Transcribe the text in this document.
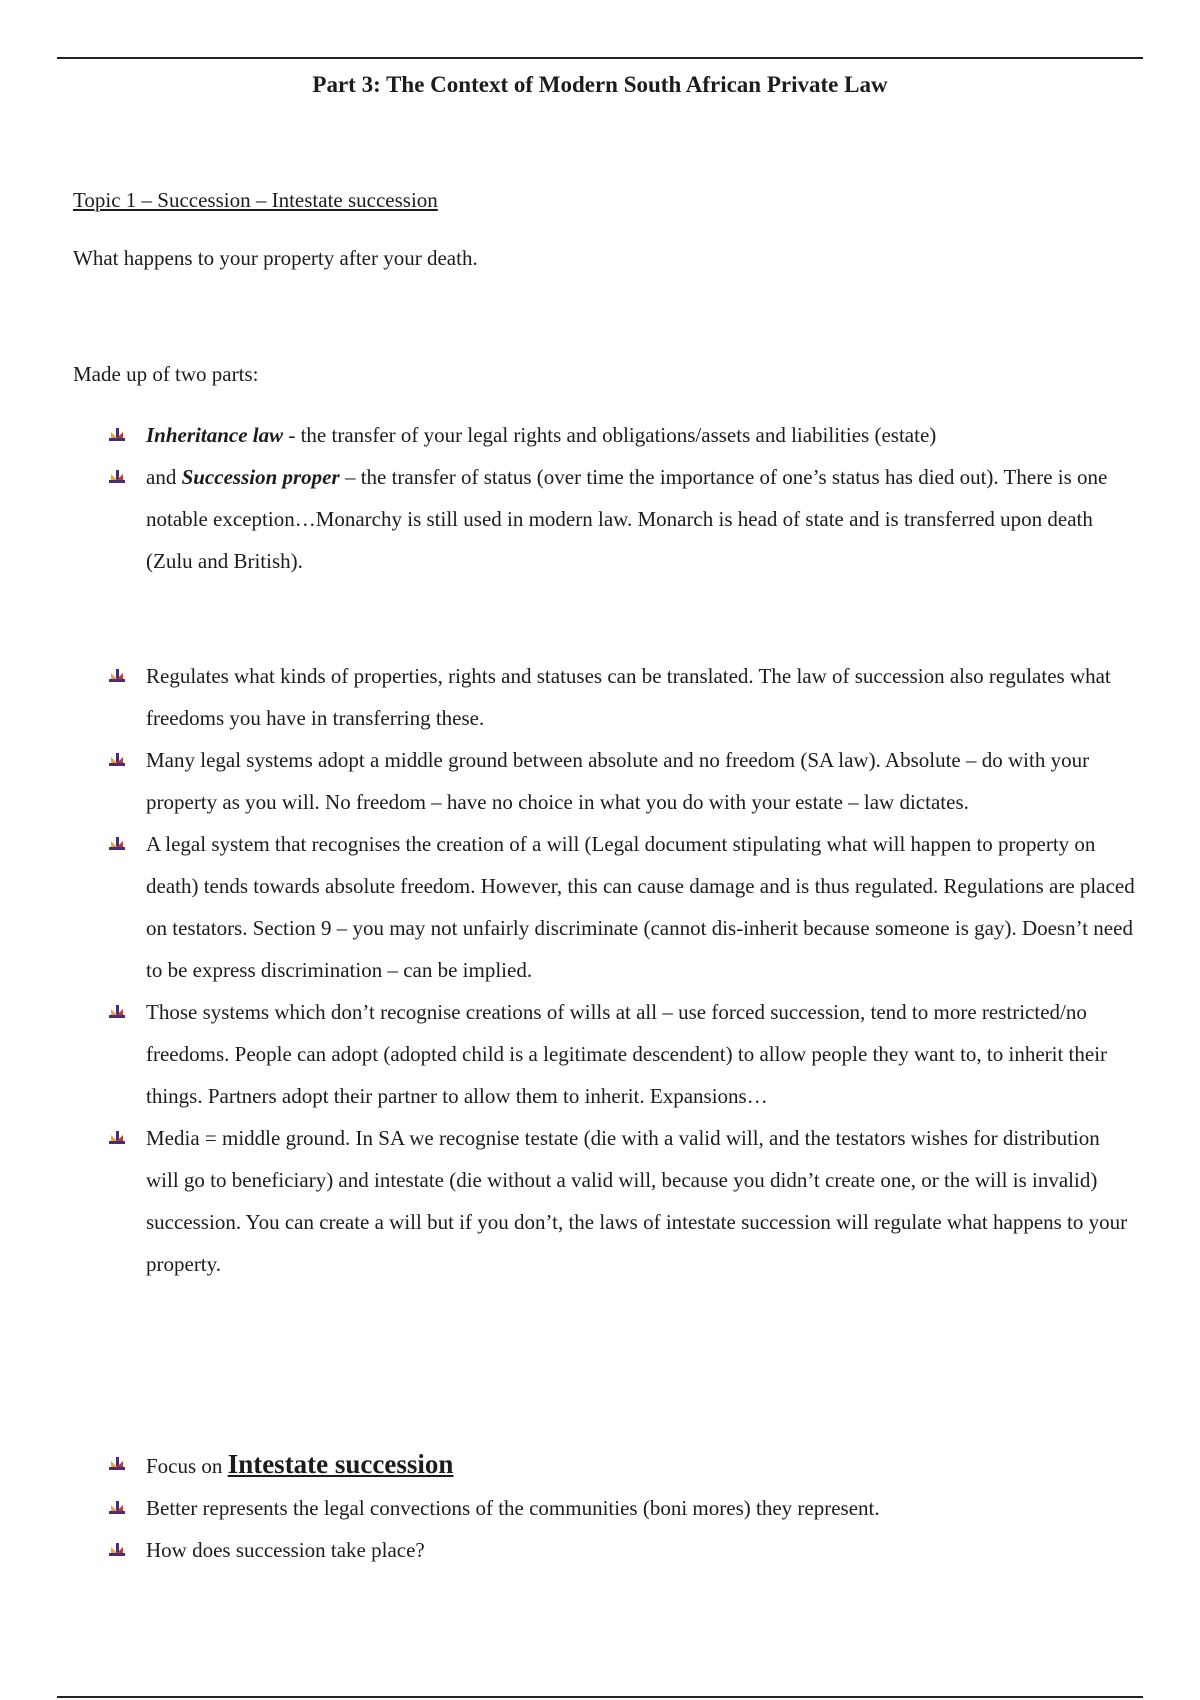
Part 3: The Context of Modern South African Private Law
Topic 1 – Succession – Intestate succession
What happens to your property after your death.
Made up of two parts:
Inheritance law - the transfer of your legal rights and obligations/assets and liabilities (estate)
and Succession proper – the transfer of status (over time the importance of one’s status has died out). There is one notable exception…Monarchy is still used in modern law. Monarch is head of state and is transferred upon death (Zulu and British).
Regulates what kinds of properties, rights and statuses can be translated. The law of succession also regulates what freedoms you have in transferring these.
Many legal systems adopt a middle ground between absolute and no freedom (SA law). Absolute – do with your property as you will. No freedom – have no choice in what you do with your estate – law dictates.
A legal system that recognises the creation of a will (Legal document stipulating what will happen to property on death) tends towards absolute freedom. However, this can cause damage and is thus regulated. Regulations are placed on testators. Section 9 – you may not unfairly discriminate (cannot dis-inherit because someone is gay). Doesn’t need to be express discrimination – can be implied.
Those systems which don’t recognise creations of wills at all – use forced succession, tend to more restricted/no freedoms. People can adopt (adopted child is a legitimate descendent) to allow people they want to, to inherit their things. Partners adopt their partner to allow them to inherit. Expansions…
Media = middle ground. In SA we recognise testate (die with a valid will, and the testators wishes for distribution will go to beneficiary) and intestate (die without a valid will, because you didn’t create one, or the will is invalid) succession. You can create a will but if you don’t, the laws of intestate succession will regulate what happens to your property.
Focus on Intestate succession
Better represents the legal convections of the communities (boni mores) they represent.
How does succession take place?
